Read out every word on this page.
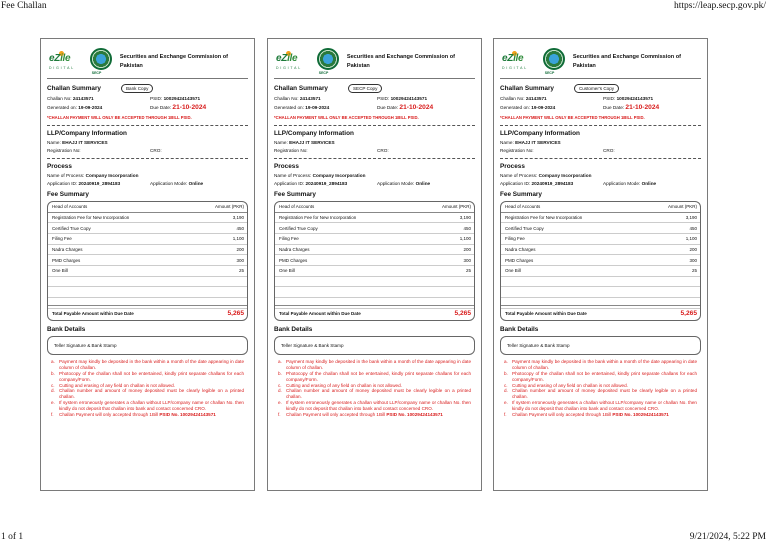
Fee Challan	https://leap.secp.gov.pk/
eZile
DIGITAL
SECP
Securities and Exchange Commission of Pakistan
Challan Summary	Bank Copy
Challan No: 24143571	PSID: 10029424143571
Generated on: 19-09-2024	Due Date: 21-10-2024
*CHALLAN PAYMENT WILL ONLY BE ACCEPTED THROUGH 1BILL PSID.
LLP/Company Information
Name:
EHAJJ IT SERVICES
Registration No:	CRO:
Process
Name of Process:
Company Incorporation
Application ID: 20240919_2894183	Application Mode: Online
Fee Summary
Head of Accounts	Amount (PKR)
Registration Fee for New Incorporation	3,190
Certified True Copy	450
Filing Fee	1,100
Nadra Charges	200
PMD Charges	300
One Bill	25
Total Payable Amount within Due Date	5,265
Bank Details
Teller Signature & Bank Stamp
a. Payment may kindly be deposited in the bank within a month of the date appearing in date column of challan.
b. Photocopy of the challan shall not be entertained, kindly print separate challans for each company/Form.
c. Cutting and erasing of any field on challan is not allowed.
d. Challan number and amount of money deposited must be clearly legible on a printed challan.
e. If system erroneously generates a challan without LLP/company name or challan No. then kindly do not deposit that challan into bank and contact concerned CRO.
f. Challan Payment will only accepted through 1Bill PSID No. 10029424143571
eZile
DIGITAL
SECP
Securities and Exchange Commission of Pakistan
Challan Summary	SECP Copy
Challan No: 24143571	PSID: 10029424143571
Generated on: 19-09-2024	Due Date: 21-10-2024
*CHALLAN PAYMENT WILL ONLY BE ACCEPTED THROUGH 1BILL PSID.
LLP/Company Information
Name:
EHAJJ IT SERVICES
Registration No:	CRO:
Process
Name of Process:
Company Incorporation
Application ID: 20240919_2894183	Application Mode: Online
Fee Summary
Head of Accounts	Amount (PKR)
Registration Fee for New Incorporation	3,190
Certified True Copy	450
Filing Fee	1,100
Nadra Charges	200
PMD Charges	300
One Bill	25
Total Payable Amount within Due Date	5,265
Bank Details
Teller Signature & Bank Stamp
a. Payment may kindly be deposited in the bank within a month of the date appearing in date column of challan.
b. Photocopy of the challan shall not be entertained, kindly print separate challans for each company/Form.
c. Cutting and erasing of any field on challan is not allowed.
d. Challan number and amount of money deposited must be clearly legible on a printed challan.
e. If system erroneously generates a challan without LLP/company name or challan No. then kindly do not deposit that challan into bank and contact concerned CRO.
f. Challan Payment will only accepted through 1Bill PSID No. 10029424143571
eZile
DIGITAL
SECP
Securities and Exchange Commission of Pakistan
Challan Summary	Customer's Copy
Challan No: 24143571	PSID: 10029424143571
Generated on: 19-09-2024	Due Date: 21-10-2024
*CHALLAN PAYMENT WILL ONLY BE ACCEPTED THROUGH 1BILL PSID.
LLP/Company Information
Name:
EHAJJ IT SERVICES
Registration No:	CRO:
Process
Name of Process:
Company Incorporation
Application ID: 20240919_2894183	Application Mode: Online
Fee Summary
Head of Accounts	Amount (PKR)
Registration Fee for New Incorporation	3,190
Certified True Copy	450
Filing Fee	1,100
Nadra Charges	200
PMD Charges	300
One Bill	25
Total Payable Amount within Due Date	5,265
Bank Details
Teller Signature & Bank Stamp
a. Payment may kindly be deposited in the bank within a month of the date appearing in date column of challan.
b. Photocopy of the challan shall not be entertained, kindly print separate challans for each company/Form.
c. Cutting and erasing of any field on challan is not allowed.
d. Challan number and amount of money deposited must be clearly legible on a printed challan.
e. If system erroneously generates a challan without LLP/company name or challan No. then kindly do not deposit that challan into bank and contact concerned CRO.
f. Challan Payment will only accepted through 1Bill PSID No. 10029424143571
1 of 1	9/21/2024, 5:22 PM
